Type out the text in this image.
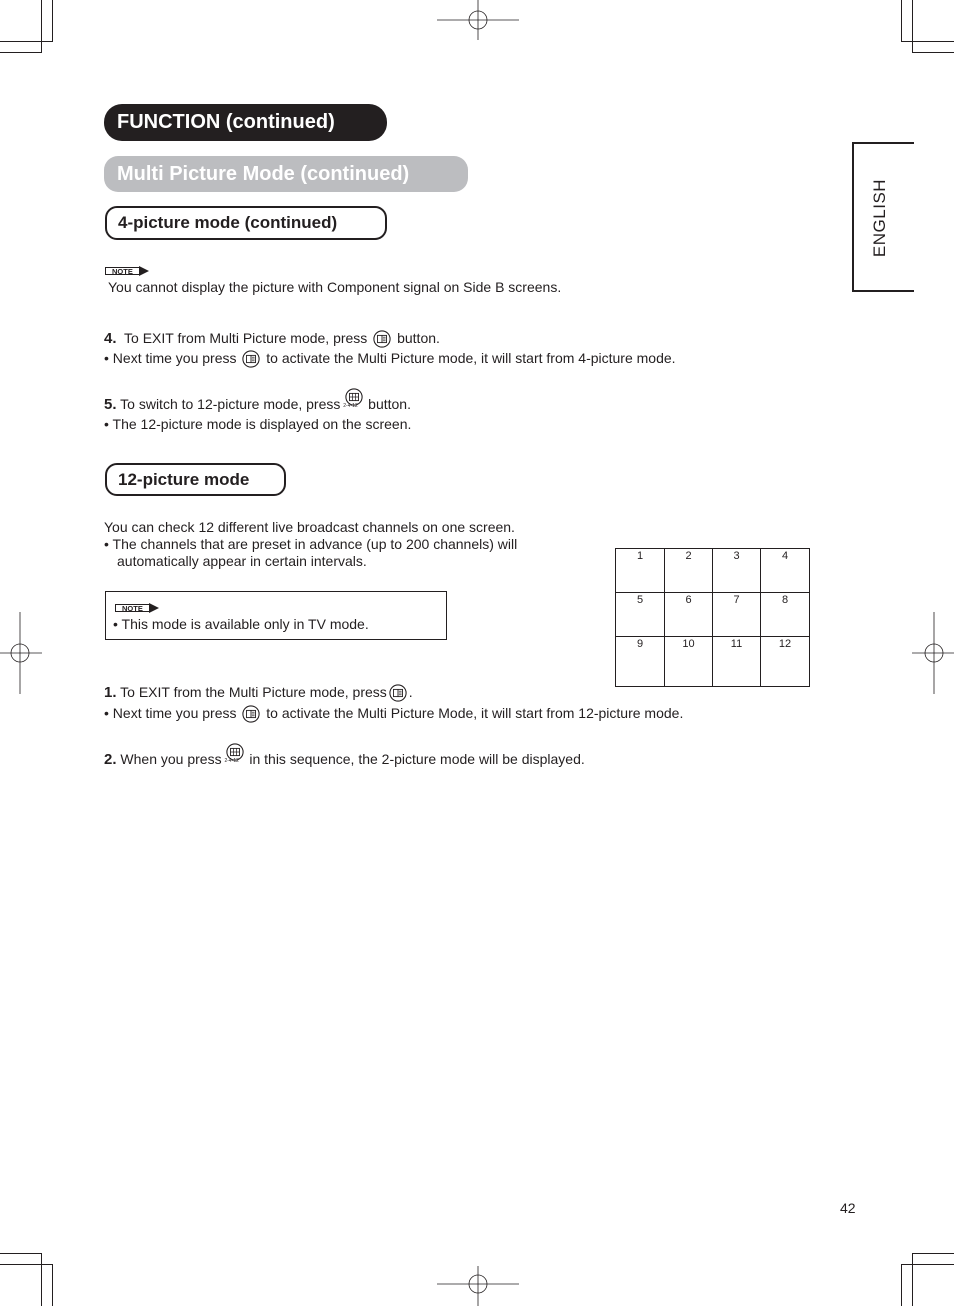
FUNCTION (continued)
Multi Picture Mode (continued)
4-picture mode (continued)	ENGLISH
NOTE
You cannot display the picture with Component signal on Side B screens.
4. To EXIT from Multi Picture mode, press button.
• Next time you press to activate the Multi Picture mode, it will start from 4-picture mode.
5. To switch to 12-picture mode, press 2-4-12 button.
• The 12-picture mode is displayed on the screen.
12-picture mode
You can check 12 different live broadcast channels on one screen.
• The channels that are preset in advance (up to 200 channels) will
automatically appear in certain intervals.
NOTE
• This mode is available only in TV mode.
1	2	3	4
5	6	7	8
9	10	11	12
1. To EXIT from the Multi Picture mode, press .
• Next time you press to activate the Multi Picture Mode, it will start from 12-picture mode.
2. When you press 2-4-12 in this sequence, the 2-picture mode will be displayed.
42
